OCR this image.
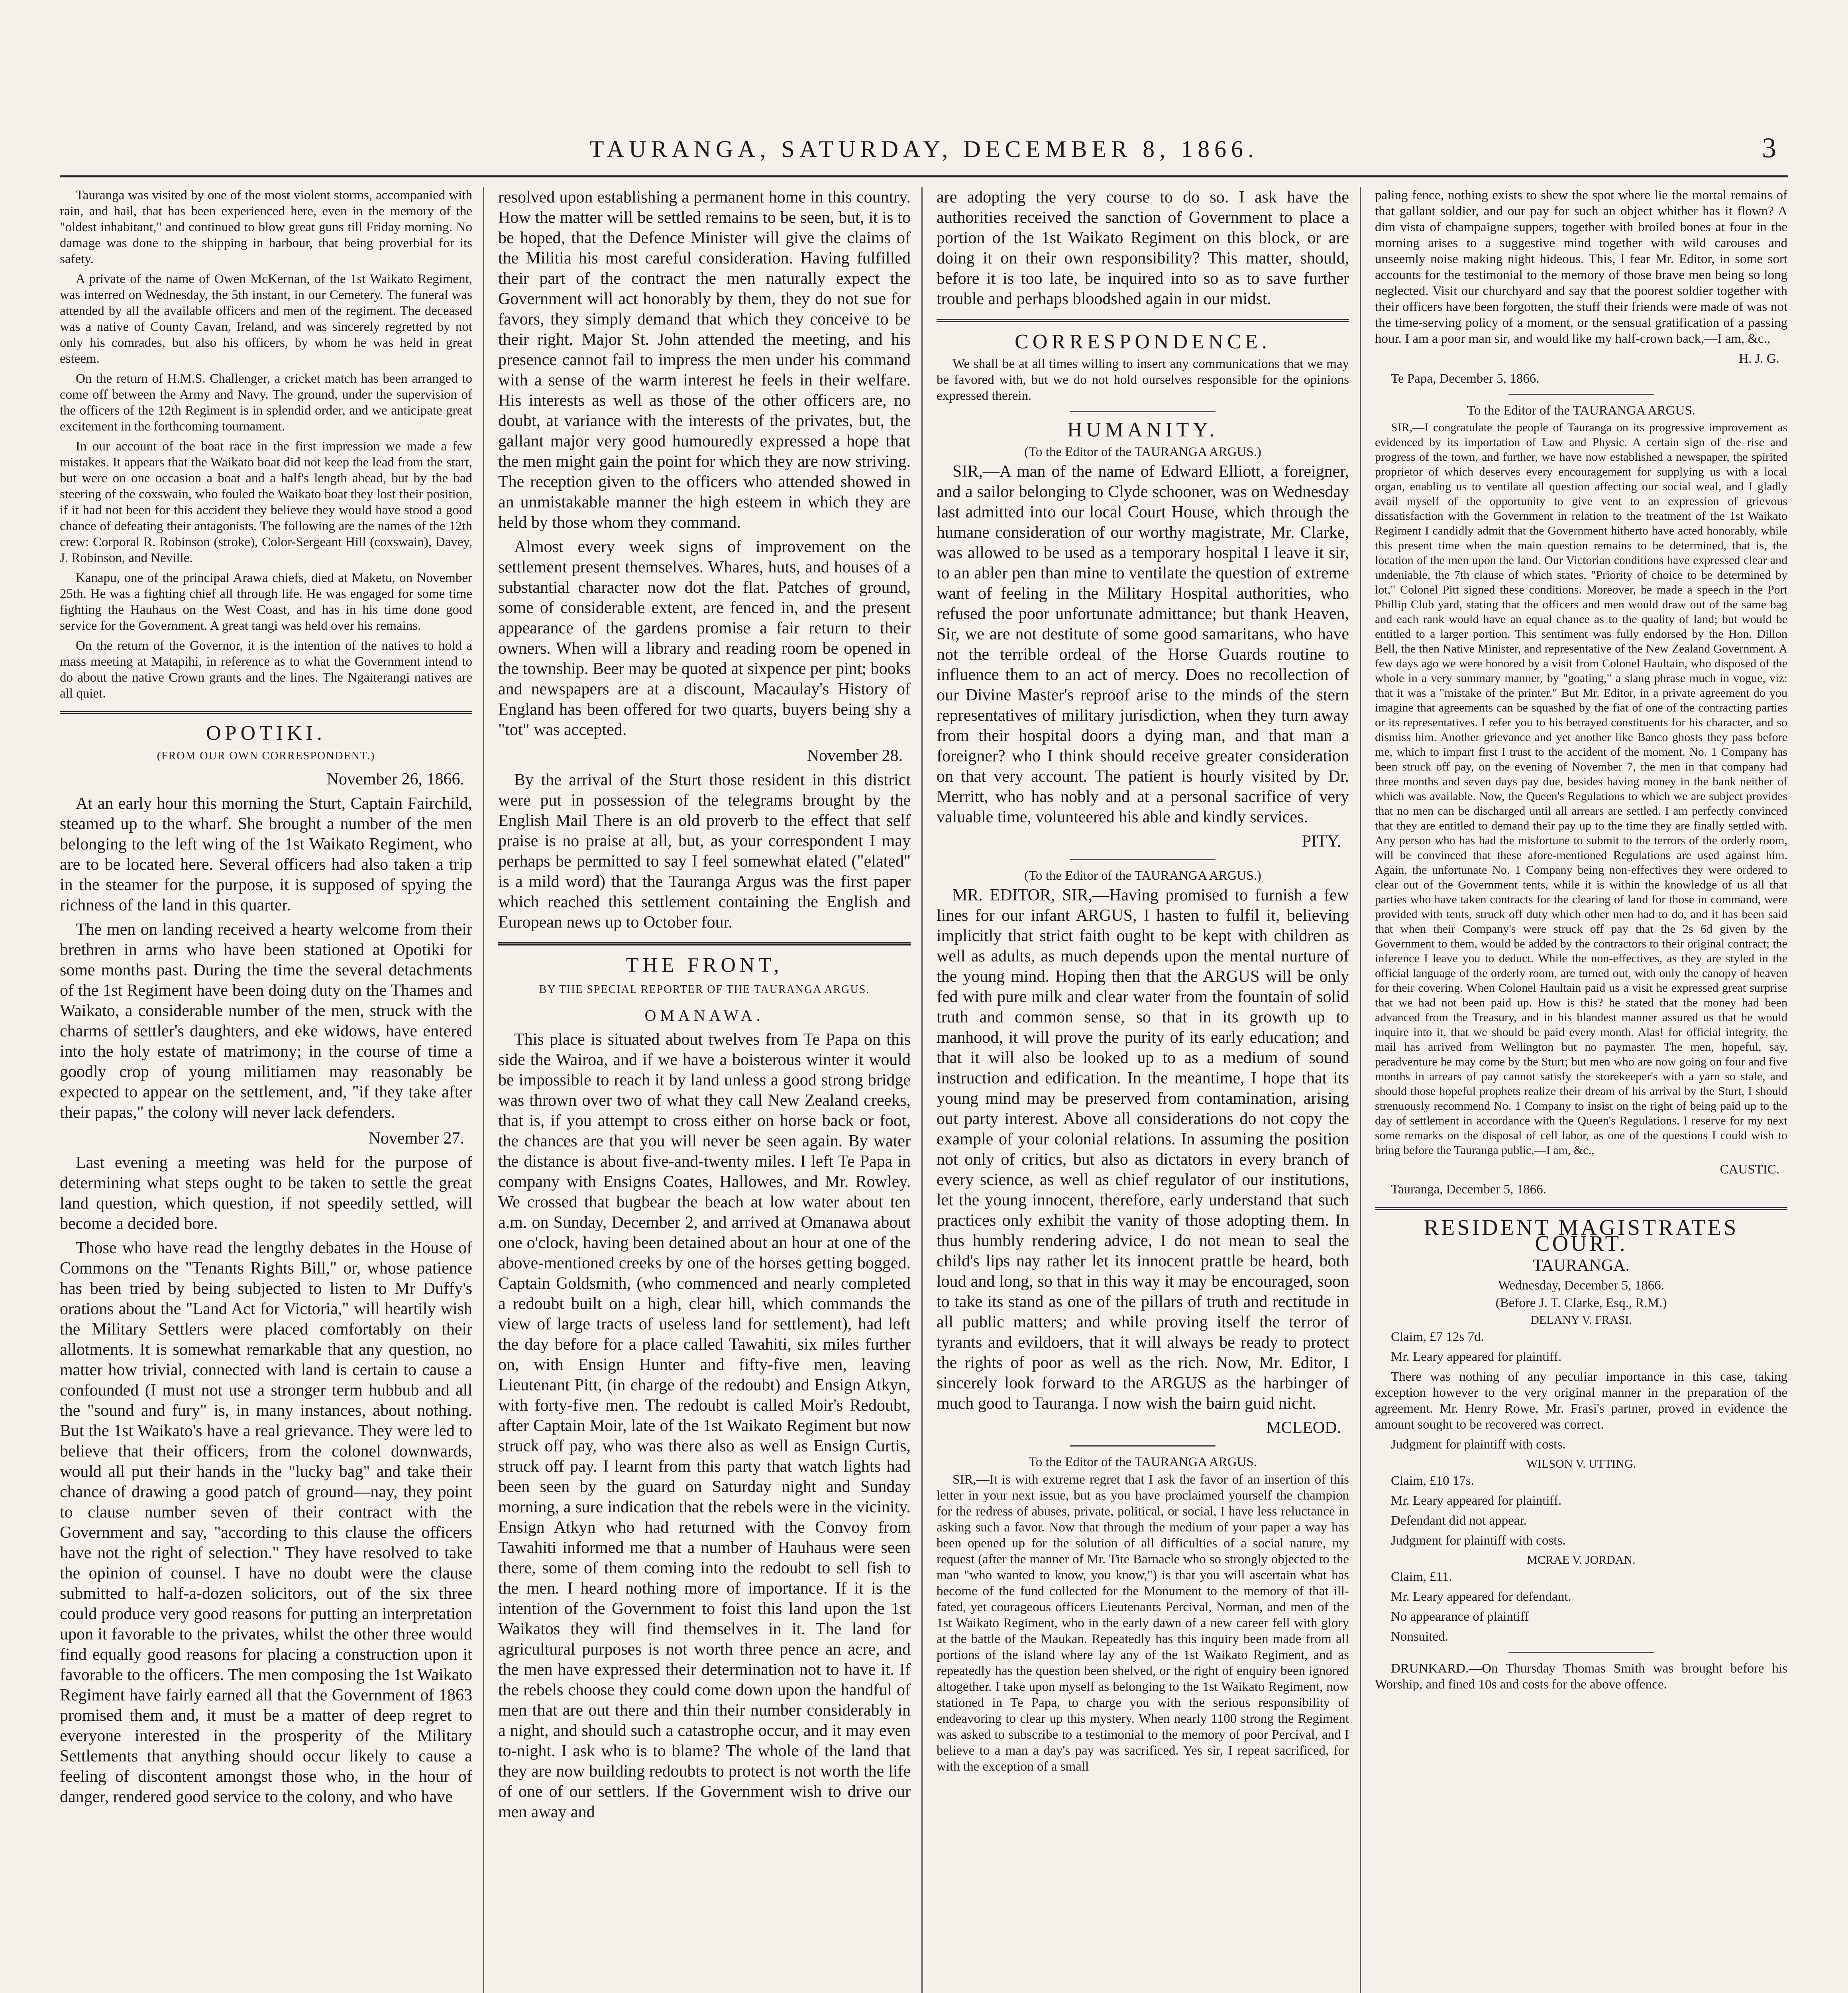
TAURANGA, SATURDAY, DECEMBER 8, 1866.	3

Tauranga was visited by one of the most violent storms, accompanied with rain, and hail, that has been experienced here, even in the memory of the "oldest inhabitant," and continued to blow great guns till Friday morning. No damage was done to the shipping in harbour, that being proverbial for its safety.

A private of the name of Owen McKernan, of the 1st Waikato Regiment, was interred on Wednesday, the 5th instant, in our Cemetery. The funeral was attended by all the available officers and men of the regiment. The deceased was a native of County Cavan, Ireland, and was sincerely regretted by not only his comrades, but also his officers, by whom he was held in great esteem.

On the return of H.M.S. Challenger, a cricket match has been arranged to come off between the Army and Navy. The ground, under the supervision of the officers of the 12th Regiment is in splendid order, and we anticipate great excitement in the forthcoming tournament.

In our account of the boat race in the first impression we made a few mistakes. It appears that the Waikato boat did not keep the lead from the start, but were on one occasion a boat and a half's length ahead, but by the bad steering of the coxswain, who fouled the Waikato boat they lost their position, if it had not been for this accident they believe they would have stood a good chance of defeating their antagonists. The following are the names of the 12th crew: Corporal R. Robinson (stroke), Color-Sergeant Hill (coxswain), Davey, J. Robinson, and Neville.

Kanapu, one of the principal Arawa chiefs, died at Maketu, on November 25th. He was a fighting chief all through life. He was engaged for some time fighting the Hauhaus on the West Coast, and has in his time done good service for the Government. A great tangi was held over his remains.

On the return of the Governor, it is the intention of the natives to hold a mass meeting at Matapihi, in reference as to what the Government intend to do about the native Crown grants and the lines. The Ngaiterangi natives are all quiet.

OPOTIKI.
(FROM OUR OWN CORRESPONDENT.)
November 26, 1866.

At an early hour this morning the Sturt, Captain Fairchild, steamed up to the wharf. She brought a number of the men belonging to the left wing of the 1st Waikato Regiment, who are to be located here. Several officers had also taken a trip in the steamer for the purpose, it is supposed of spying the richness of the land in this quarter.

The men on landing received a hearty welcome from their brethren in arms who have been stationed at Opotiki for some months past. During the time the several detachments of the 1st Regiment have been doing duty on the Thames and Waikato, a considerable number of the men, struck with the charms of settler's daughters, and eke widows, have entered into the holy estate of matrimony; in the course of time a goodly crop of young militiamen may reasonably be expected to appear on the settlement, and, "if they take after their papas," the colony will never lack defenders.

November 27.

Last evening a meeting was held for the purpose of determining what steps ought to be taken to settle the great land question, which question, if not speedily settled, will become a decided bore.

Those who have read the lengthy debates in the House of Commons on the "Tenants Rights Bill," or, whose patience has been tried by being subjected to listen to Mr Duffy's orations about the "Land Act for Victoria," will heartily wish the Military Settlers were placed comfortably on their allotments. It is somewhat remarkable that any question, no matter how trivial, connected with land is certain to cause a confounded (I must not use a stronger term hubbub and all the "sound and fury" is, in many instances, about nothing. But the 1st Waikato's have a real grievance. They were led to believe that their officers, from the colonel downwards, would all put their hands in the "lucky bag" and take their chance of drawing a good patch of ground—nay, they point to clause number seven of their contract with the Government and say, "according to this clause the officers have not the right of selection." They have resolved to take the opinion of counsel. I have no doubt were the clause submitted to half-a-dozen solicitors, out of the six three could produce very good reasons for putting an interpretation upon it favorable to the privates, whilst the other three would find equally good reasons for placing a construction upon it favorable to the officers. The men composing the 1st Waikato Regiment have fairly earned all that the Government of 1863 promised them and, it must be a matter of deep regret to everyone interested in the prosperity of the Military Settlements that anything should occur likely to cause a feeling of discontent amongst those who, in the hour of danger, rendered good service to the colony, and who have

resolved upon establishing a permanent home in this country. How the matter will be settled remains to be seen, but, it is to be hoped, that the Defence Minister will give the claims of the Militia his most careful consideration. Having fulfilled their part of the contract the men naturally expect the Government will act honorably by them, they do not sue for favors, they simply demand that which they conceive to be their right. Major St. John attended the meeting, and his presence cannot fail to impress the men under his command with a sense of the warm interest he feels in their welfare. His interests as well as those of the other officers are, no doubt, at variance with the interests of the privates, but, the gallant major very good humouredly expressed a hope that the men might gain the point for which they are now striving. The reception given to the officers who attended showed in an unmistakable manner the high esteem in which they are held by those whom they command.

Almost every week signs of improvement on the settlement present themselves. Whares, huts, and houses of a substantial character now dot the flat. Patches of ground, some of considerable extent, are fenced in, and the present appearance of the gardens promise a fair return to their owners. When will a library and reading room be opened in the township. Beer may be quoted at sixpence per pint; books and newspapers are at a discount, Macaulay's History of England has been offered for two quarts, buyers being shy a "tot" was accepted.

November 28.

By the arrival of the Sturt those resident in this district were put in possession of the telegrams brought by the English Mail There is an old proverb to the effect that self praise is no praise at all, but, as your correspondent I may perhaps be permitted to say I feel somewhat elated ("elated" is a mild word) that the Tauranga Argus was the first paper which reached this settlement containing the English and European news up to October four.

THE FRONT,
BY THE SPECIAL REPORTER OF THE TAURANGA ARGUS.
OMANAWA.

This place is situated about twelves from Te Papa on this side the Wairoa, and if we have a boisterous winter it would be impossible to reach it by land unless a good strong bridge was thrown over two of what they call New Zealand creeks, that is, if you attempt to cross either on horse back or foot, the chances are that you will never be seen again. By water the distance is about five-and-twenty miles. I left Te Papa in company with Ensigns Coates, Hallowes, and Mr. Rowley. We crossed that bugbear the beach at low water about ten a.m. on Sunday, December 2, and arrived at Omanawa about one o'clock, having been detained about an hour at one of the above-mentioned creeks by one of the horses getting bogged. Captain Goldsmith, (who commenced and nearly completed a redoubt built on a high, clear hill, which commands the view of large tracts of useless land for settlement), had left the day before for a place called Tawahiti, six miles further on, with Ensign Hunter and fifty-five men, leaving Lieutenant Pitt, (in charge of the redoubt) and Ensign Atkyn, with forty-five men. The redoubt is called Moir's Redoubt, after Captain Moir, late of the 1st Waikato Regiment but now struck off pay, who was there also as well as Ensign Curtis, struck off pay. I learnt from this party that watch lights had been seen by the guard on Saturday night and Sunday morning, a sure indication that the rebels were in the vicinity. Ensign Atkyn who had returned with the Convoy from Tawahiti informed me that a number of Hauhaus were seen there, some of them coming into the redoubt to sell fish to the men. I heard nothing more of importance. If it is the intention of the Government to foist this land upon the 1st Waikatos they will find themselves in it. The land for agricultural purposes is not worth three pence an acre, and the men have expressed their determination not to have it. If the rebels choose they could come down upon the handful of men that are out there and thin their number considerably in a night, and should such a catastrophe occur, and it may even to-night. I ask who is to blame? The whole of the land that they are now building redoubts to protect is not worth the life of one of our settlers. If the Government wish to drive our men away and

are adopting the very course to do so. I ask have the authorities received the sanction of Government to place a portion of the 1st Waikato Regiment on this block, or are doing it on their own responsibility? This matter, should, before it is too late, be inquired into so as to save further trouble and perhaps bloodshed again in our midst.

CORRESPONDENCE.

We shall be at all times willing to insert any communications that we may be favored with, but we do not hold ourselves responsible for the opinions expressed therein.

HUMANITY.
(To the Editor of the TAURANGA ARGUS.)

SIR,—A man of the name of Edward Elliott, a foreigner, and a sailor belonging to Clyde schooner, was on Wednesday last admitted into our local Court House, which through the humane consideration of our worthy magistrate, Mr. Clarke, was allowed to be used as a temporary hospital I leave it sir, to an abler pen than mine to ventilate the question of extreme want of feeling in the Military Hospital authorities, who refused the poor unfortunate admittance; but thank Heaven, Sir, we are not destitute of some good samaritans, who have not the terrible ordeal of the Horse Guards routine to influence them to an act of mercy. Does no recollection of our Divine Master's reproof arise to the minds of the stern representatives of military jurisdiction, when they turn away from their hospital doors a dying man, and that man a foreigner? who I think should receive greater consideration on that very account. The patient is hourly visited by Dr. Merritt, who has nobly and at a personal sacrifice of very valuable time, volunteered his able and kindly services.

PITY.
(To the Editor of the TAURANGA ARGUS.)

MR. EDITOR, SIR,—Having promised to furnish a few lines for our infant ARGUS, I hasten to fulfil it, believing implicitly that strict faith ought to be kept with children as well as adults, as much depends upon the mental nurture of the young mind. Hoping then that the ARGUS will be only fed with pure milk and clear water from the fountain of solid truth and common sense, so that in its growth up to manhood, it will prove the purity of its early education; and that it will also be looked up to as a medium of sound instruction and edification. In the meantime, I hope that its young mind may be preserved from contamination, arising out party interest. Above all considerations do not copy the example of your colonial relations. In assuming the position not only of critics, but also as dictators in every branch of every science, as well as chief regulator of our institutions, let the young innocent, therefore, early understand that such practices only exhibit the vanity of those adopting them. In thus humbly rendering advice, I do not mean to seal the child's lips nay rather let its innocent prattle be heard, both loud and long, so that in this way it may be encouraged, soon to take its stand as one of the pillars of truth and rectitude in all public matters; and while proving itself the terror of tyrants and evildoers, that it will always be ready to protect the rights of poor as well as the rich. Now, Mr. Editor, I sincerely look forward to the ARGUS as the harbinger of much good to Tauranga. I now wish the bairn guid nicht.

MCLEOD.
To the Editor of the TAURANGA ARGUS.

SIR,—It is with extreme regret that I ask the favor of an insertion of this letter in your next issue, but as you have proclaimed yourself the champion for the redress of abuses, private, political, or social, I have less reluctance in asking such a favor. Now that through the medium of your paper a way has been opened up for the solution of all difficulties of a social nature, my request (after the manner of Mr. Tite Barnacle who so strongly objected to the man "who wanted to know, you know,") is that you will ascertain what has become of the fund collected for the Monument to the memory of that ill-fated, yet courageous officers Lieutenants Percival, Norman, and men of the 1st Waikato Regiment, who in the early dawn of a new career fell with glory at the battle of the Maukan. Repeatedly has this inquiry been made from all portions of the island where lay any of the 1st Waikato Regiment, and as repeatedly has the question been shelved, or the right of enquiry been ignored altogether. I take upon myself as belonging to the 1st Waikato Regiment, now stationed in Te Papa, to charge you with the serious responsibility of endeavoring to clear up this mystery. When nearly 1100 strong the Regiment was asked to subscribe to a testimonial to the memory of poor Percival, and I believe to a man a day's pay was sacrificed. Yes sir, I repeat sacrificed, for with the exception of a small

paling fence, nothing exists to shew the spot where lie the mortal remains of that gallant soldier, and our pay for such an object whither has it flown? A dim vista of champaigne suppers, together with broiled bones at four in the morning arises to a suggestive mind together with wild carouses and unseemly noise making night hideous. This, I fear Mr. Editor, in some sort accounts for the testimonial to the memory of those brave men being so long neglected. Visit our churchyard and say that the poorest soldier together with their officers have been forgotten, the stuff their friends were made of was not the time-serving policy of a moment, or the sensual gratification of a passing hour. I am a poor man sir, and would like my half-crown back,—I am, &c.,

H. J. G.

Te Papa, December 5, 1866.

To the Editor of the TAURANGA ARGUS.

SIR,—I congratulate the people of Tauranga on its progressive improvement as evidenced by its importation of Law and Physic. A certain sign of the rise and progress of the town, and further, we have now established a newspaper, the spirited proprietor of which deserves every encouragement for supplying us with a local organ, enabling us to ventilate all question affecting our social weal, and I gladly avail myself of the opportunity to give vent to an expression of grievous dissatisfaction with the Government in relation to the treatment of the 1st Waikato Regiment I candidly admit that the Government hitherto have acted honorably, while this present time when the main question remains to be determined, that is, the location of the men upon the land. Our Victorian conditions have expressed clear and undeniable, the 7th clause of which states, "Priority of choice to be determined by lot," Colonel Pitt signed these conditions. Moreover, he made a speech in the Port Phillip Club yard, stating that the officers and men would draw out of the same bag and each rank would have an equal chance as to the quality of land; but would be entitled to a larger portion. This sentiment was fully endorsed by the Hon. Dillon Bell, the then Native Minister, and representative of the New Zealand Government. A few days ago we were honored by a visit from Colonel Haultain, who disposed of the whole in a very summary manner, by "goating," a slang phrase much in vogue, viz: that it was a "mistake of the printer." But Mr. Editor, in a private agreement do you imagine that agreements can be squashed by the fiat of one of the contracting parties or its representatives. I refer you to his betrayed constituents for his character, and so dismiss him. Another grievance and yet another like Banco ghosts they pass before me, which to impart first I trust to the accident of the moment. No. 1 Company has been struck off pay, on the evening of November 7, the men in that company had three months and seven days pay due, besides having money in the bank neither of which was available. Now, the Queen's Regulations to which we are subject provides that no men can be discharged until all arrears are settled. I am perfectly convinced that they are entitled to demand their pay up to the time they are finally settled with. Any person who has had the misfortune to submit to the terrors of the orderly room, will be convinced that these afore-mentioned Regulations are used against him. Again, the unfortunate No. 1 Company being non-effectives they were ordered to clear out of the Government tents, while it is within the knowledge of us all that parties who have taken contracts for the clearing of land for those in command, were provided with tents, struck off duty which other men had to do, and it has been said that when their Company's were struck off pay that the 2s 6d given by the Government to them, would be added by the contractors to their original contract; the inference I leave you to deduct. While the non-effectives, as they are styled in the official language of the orderly room, are turned out, with only the canopy of heaven for their covering. When Colonel Haultain paid us a visit he expressed great surprise that we had not been paid up. How is this? he stated that the money had been advanced from the Treasury, and in his blandest manner assured us that he would inquire into it, that we should be paid every month. Alas! for official integrity, the mail has arrived from Wellington but no paymaster. The men, hopeful, say, peradventure he may come by the Sturt; but men who are now going on four and five months in arrears of pay cannot satisfy the storekeeper's with a yarn so stale, and should those hopeful prophets realize their dream of his arrival by the Sturt, I should strenuously recommend No. 1 Company to insist on the right of being paid up to the day of settlement in accordance with the Queen's Regulations. I reserve for my next some remarks on the disposal of cell labor, as one of the questions I could wish to bring before the Tauranga public,—I am, &c.,

CAUSTIC.

Tauranga, December 5, 1866.

RESIDENT MAGISTRATES COURT.
TAURANGA.
Wednesday, December 5, 1866.
(Before J. T. Clarke, Esq., R.M.)
DELANY V. FRASI.

Claim, £7 12s 7d.

Mr. Leary appeared for plaintiff.

There was nothing of any peculiar importance in this case, taking exception however to the very original manner in the preparation of the agreement. Mr. Henry Rowe, Mr. Frasi's partner, proved in evidence the amount sought to be recovered was correct.

Judgment for plaintiff with costs.

WILSON V. UTTING.

Claim, £10 17s.

Mr. Leary appeared for plaintiff.

Defendant did not appear.

Judgment for plaintiff with costs.

MCRAE V. JORDAN.

Claim, £11.

Mr. Leary appeared for defendant.

No appearance of plaintiff

Nonsuited.

DRUNKARD.—On Thursday Thomas Smith was brought before his Worship, and fined 10s and costs for the above offence.
